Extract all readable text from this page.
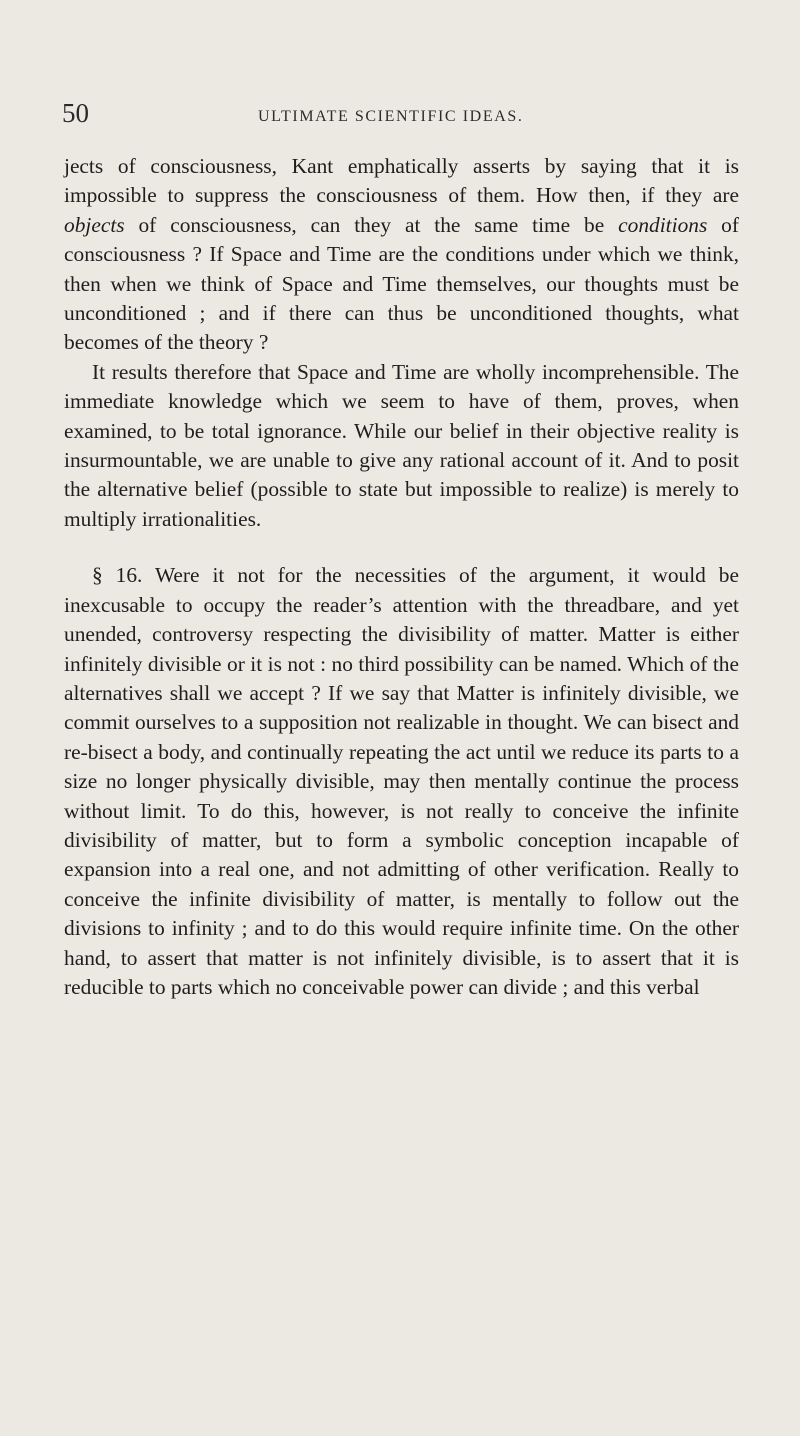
50	ULTIMATE SCIENTIFIC IDEAS.

jects of consciousness, Kant emphatically asserts by saying that it is impossible to suppress the consciousness of them. How then, if they are objects of consciousness, can they at the same time be conditions of consciousness ? If Space and Time are the conditions under which we think, then when we think of Space and Time themselves, our thoughts must be unconditioned ; and if there can thus be unconditioned thoughts, what becomes of the theory ?

It results therefore that Space and Time are wholly incomprehensible. The immediate knowledge which we seem to have of them, proves, when examined, to be total ignorance. While our belief in their objective reality is insurmountable, we are unable to give any rational account of it. And to posit the alternative belief (possible to state but impossible to realize) is merely to multiply irrationalities.

§ 16. Were it not for the necessities of the argument, it would be inexcusable to occupy the reader’s attention with the threadbare, and yet unended, controversy respecting the divisibility of matter. Matter is either infinitely divisible or it is not : no third possibility can be named. Which of the alternatives shall we accept ? If we say that Matter is infinitely divisible, we commit ourselves to a supposition not realizable in thought. We can bisect and re-bisect a body, and continually repeating the act until we reduce its parts to a size no longer physically divisible, may then mentally continue the process without limit. To do this, however, is not really to conceive the infinite divisibility of matter, but to form a symbolic conception incapable of expansion into a real one, and not admitting of other verification. Really to conceive the infinite divisibility of matter, is mentally to follow out the divisions to infinity ; and to do this would require infinite time. On the other hand, to assert that matter is not infinitely divisible, is to assert that it is reducible to parts which no conceivable power can divide ; and this verbal
